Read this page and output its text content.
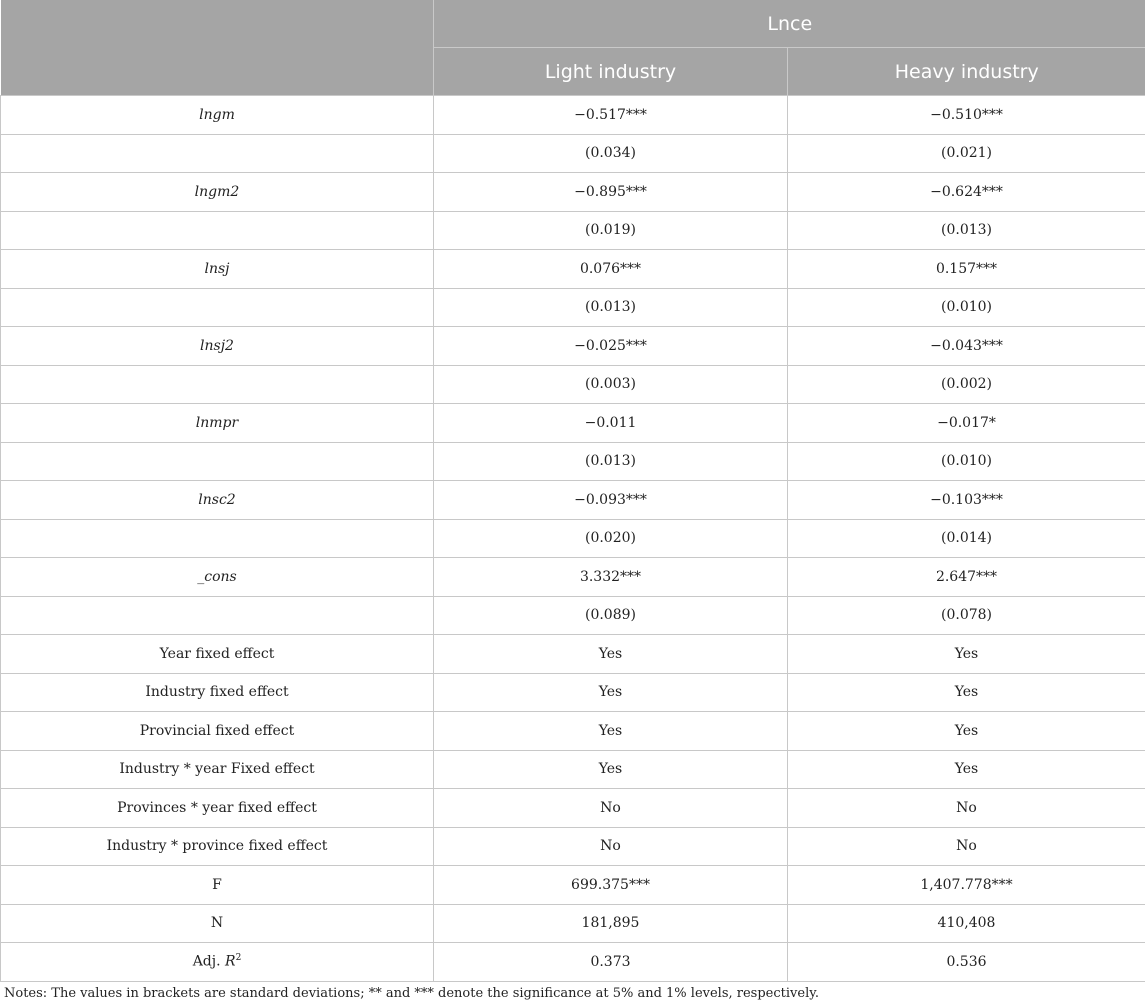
	Lnce	
	Light industry	Heavy industry
lngm	−0.517***	−0.510***
	(0.034)	(0.021)
lngm2	−0.895***	−0.624***
	(0.019)	(0.013)
lnsj	0.076***	0.157***
	(0.013)	(0.010)
lnsj2	−0.025***	−0.043***
	(0.003)	(0.002)
lnmpr	−0.011	−0.017*
	(0.013)	(0.010)
lnsc2	−0.093***	−0.103***
	(0.020)	(0.014)
_cons	3.332***	2.647***
	(0.089)	(0.078)
Year fixed effect	Yes	Yes
Industry fixed effect	Yes	Yes
Provincial fixed effect	Yes	Yes
Industry * year Fixed effect	Yes	Yes
Provinces * year fixed effect	No	No
Industry * province fixed effect	No	No
F	699.375***	1,407.778***
N	181,895	410,408
Adj. $R^2$	0.373	0.536
Notes: The values in brackets are standard deviations; ** and *** denote the significance at 5% and 1% levels, respectively.
